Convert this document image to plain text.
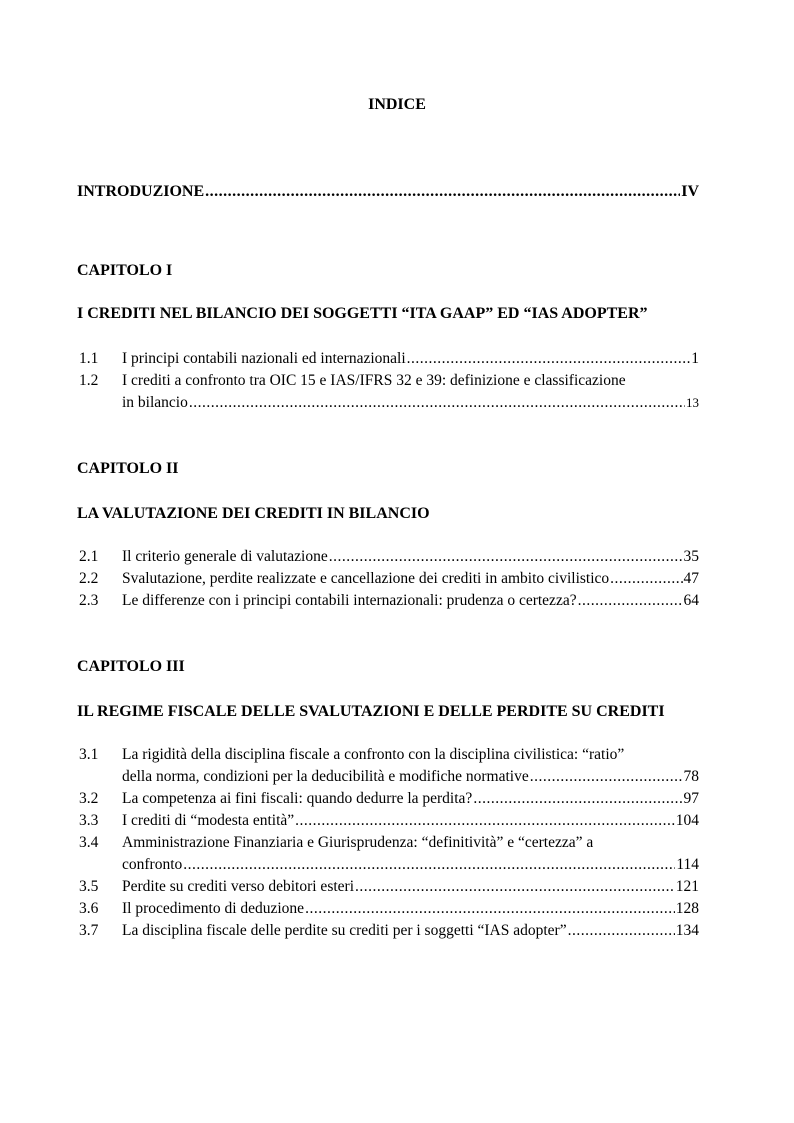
INDICE
INTRODUZIONE .....	IV
CAPITOLO I
I CREDITI NEL BILANCIO DEI SOGGETTI “ITA GAAP” ED “IAS ADOPTER”
1.1	I principi contabili nazionali ed internazionali .....	1
1.2	I crediti a confronto tra OIC 15 e IAS/IFRS 32 e 39: definizione e classificazione
in bilancio .....	13
CAPITOLO II
LA VALUTAZIONE DEI CREDITI IN BILANCIO
2.1	Il criterio generale di valutazione .....	35
2.2	Svalutazione, perdite realizzate e cancellazione dei crediti in ambito civilistico .....	47
2.3	Le differenze con i principi contabili internazionali: prudenza o certezza? .....	64
CAPITOLO III
IL REGIME FISCALE DELLE SVALUTAZIONI E DELLE PERDITE SU CREDITI
3.1	La rigidità della disciplina fiscale a confronto con la disciplina civilistica: “ratio”
della norma, condizioni per la deducibilità e modifiche normative .....	78
3.2	La competenza ai fini fiscali: quando dedurre la perdita? .....	97
3.3	I crediti di “modesta entità” .....	104
3.4	Amministrazione Finanziaria e Giurisprudenza: “definitività” e “certezza” a
confronto .....	114
3.5	Perdite su crediti verso debitori esteri .....	121
3.6	Il procedimento di deduzione .....	128
3.7	La disciplina fiscale delle perdite su crediti per i soggetti “IAS adopter” .....	134
